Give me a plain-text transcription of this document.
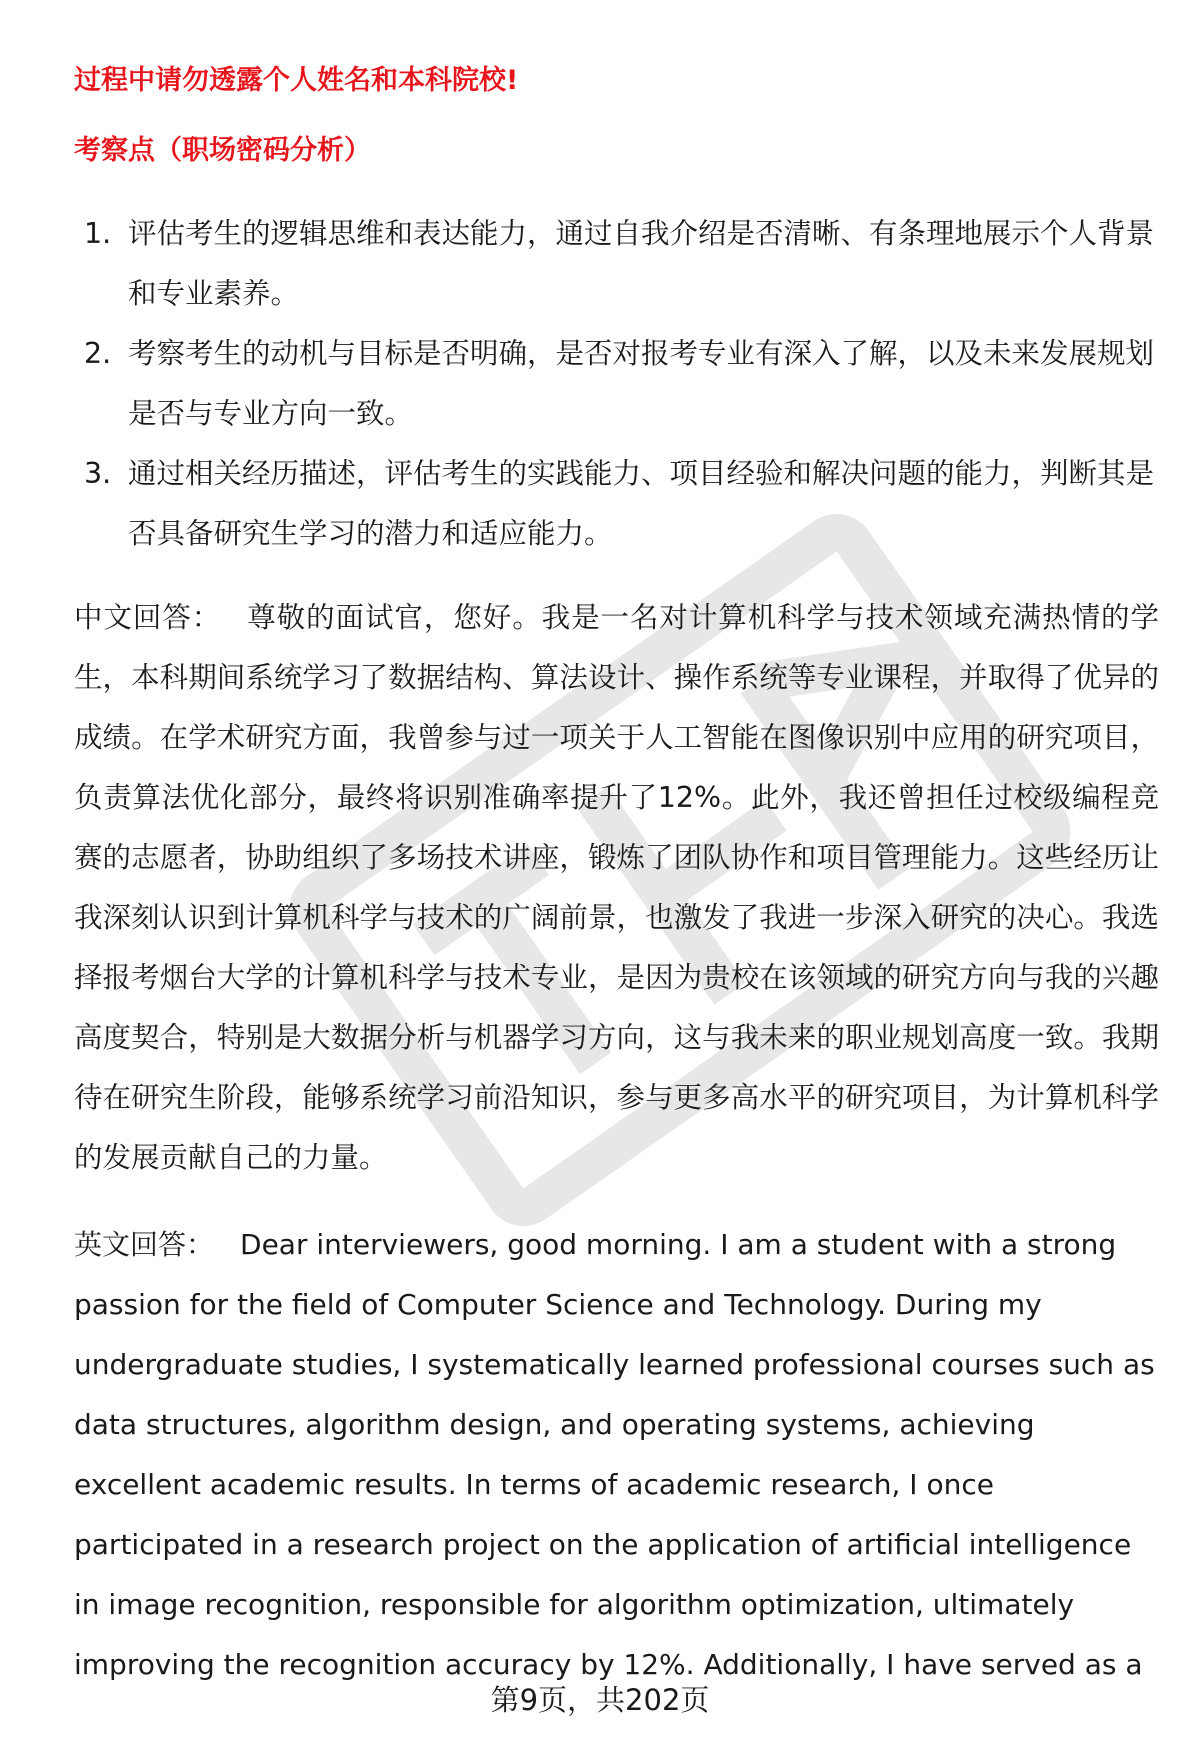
过程中请勿透露个人姓名和本科院校!

考察点（职场密码分析）

1. 评估考生的逻辑思维和表达能力，通过自我介绍是否清晰、有条理地展示个人背景和专业素养。
2. 考察考生的动机与目标是否明确，是否对报考专业有深入了解，以及未来发展规划是否与专业方向一致。
3. 通过相关经历描述，评估考生的实践能力、项目经验和解决问题的能力，判断其是否具备研究生学习的潜力和适应能力。

中文回答： 尊敬的面试官，您好。我是一名对计算机科学与技术领域充满热情的学生，本科期间系统学习了数据结构、算法设计、操作系统等专业课程，并取得了优异的成绩。在学术研究方面，我曾参与过一项关于人工智能在图像识别中应用的研究项目，负责算法优化部分，最终将识别准确率提升了12%。此外，我还曾担任过校级编程竞赛的志愿者，协助组织了多场技术讲座，锻炼了团队协作和项目管理能力。这些经历让我深刻认识到计算机科学与技术的广阔前景，也激发了我进一步深入研究的决心。我选择报考烟台大学的计算机科学与技术专业，是因为贵校在该领域的研究方向与我的兴趣高度契合，特别是大数据分析与机器学习方向，这与我未来的职业规划高度一致。我期待在研究生阶段，能够系统学习前沿知识，参与更多高水平的研究项目，为计算机科学的发展贡献自己的力量。

英文回答： Dear interviewers, good morning. I am a student with a strong passion for the field of Computer Science and Technology. During my undergraduate studies, I systematically learned professional courses such as data structures, algorithm design, and operating systems, achieving excellent academic results. In terms of academic research, I once participated in a research project on the application of artificial intelligence in image recognition, responsible for algorithm optimization, ultimately improving the recognition accuracy by 12%. Additionally, I have served as a

第9页，共202页
